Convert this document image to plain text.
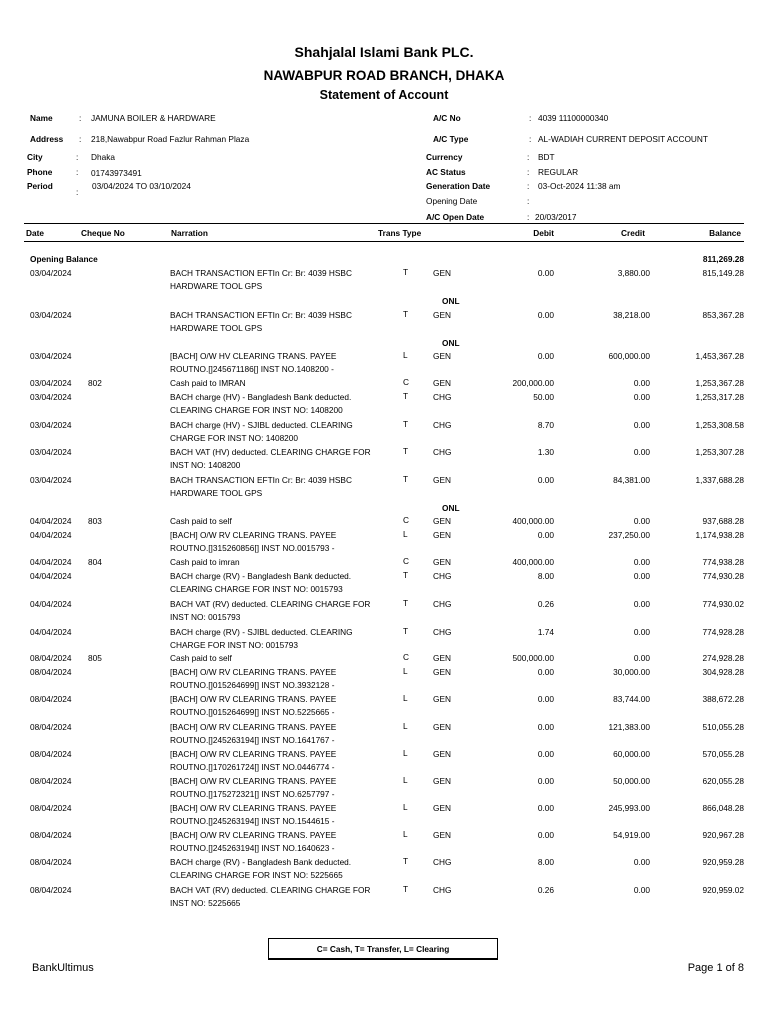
Shahjalal Islami Bank PLC.
NAWABPUR ROAD BRANCH, DHAKA
Statement of Account
Name	: JAMUNA BOILER & HARDWARE
Address : 218,Nawabpur Road Fazlur Rahman Plaza
City	: Dhaka
Phone	: 01743973491
Period	03/04/2024 TO 03/10/2024
:
A/C No	: 4039 11100000340
A/C Type	: AL-WADIAH CURRENT DEPOSIT ACCOUNT
Currency	: BDT
AC Status	: REGULAR
Generation Date	: 03-Oct-2024 11:38 am
Opening Date	:
A/C Open Date	: 20/03/2017
Date	Cheque No	Narration	Trans Type	Debit	Credit	Balance
Opening Balance	811,269.28
03/04/2024	BACH TRANSACTION EFTIn Cr: Br: 4039 HSBC	T	GEN	0.00	3,880.00	815,149.28
HARDWARE TOOL GPS
ONL
03/04/2024	BACH TRANSACTION EFTIn Cr: Br: 4039 HSBC	T	GEN	0.00	38,218.00	853,367.28
HARDWARE TOOL GPS
ONL
03/04/2024	[BACH] O/W HV CLEARING TRANS. PAYEE	L	GEN	0.00	600,000.00	1,453,367.28
ROUTNO.[]245671186[] INST NO.1408200 -
03/04/2024 802	Cash paid to IMRAN	C	GEN	200,000.00	0.00	1,253,367.28
03/04/2024	BACH charge (HV) - Bangladesh Bank deducted.	T	CHG	50.00	0.00	1,253,317.28
CLEARING CHARGE FOR INST NO: 1408200
03/04/2024	BACH charge (HV) - SJIBL deducted. CLEARING	T	CHG	8.70	0.00	1,253,308.58
CHARGE FOR INST NO: 1408200
03/04/2024	BACH VAT (HV) deducted. CLEARING CHARGE FOR	T	CHG	1.30	0.00	1,253,307.28
INST NO: 1408200
03/04/2024	BACH TRANSACTION EFTIn Cr: Br: 4039 HSBC	T	GEN	0.00	84,381.00	1,337,688.28
HARDWARE TOOL GPS
ONL
04/04/2024 803	Cash paid to self	C	GEN	400,000.00	0.00	937,688.28
04/04/2024	[BACH] O/W RV CLEARING TRANS. PAYEE	L	GEN	0.00	237,250.00	1,174,938.28
ROUTNO.[]315260856[] INST NO.0015793 -
04/04/2024 804	Cash paid to imran	C	GEN	400,000.00	0.00	774,938.28
04/04/2024	BACH charge (RV) - Bangladesh Bank deducted.	T	CHG	8.00	0.00	774,930.28
CLEARING CHARGE FOR INST NO: 0015793
04/04/2024	BACH VAT (RV) deducted. CLEARING CHARGE FOR	T	CHG	0.26	0.00	774,930.02
INST NO: 0015793
04/04/2024	BACH charge (RV) - SJIBL deducted. CLEARING	T	CHG	1.74	0.00	774,928.28
CHARGE FOR INST NO: 0015793
08/04/2024 805	Cash paid to self	C	GEN	500,000.00	0.00	274,928.28
08/04/2024	[BACH] O/W RV CLEARING TRANS. PAYEE	L	GEN	0.00	30,000.00	304,928.28
ROUTNO.[]015264699[] INST NO.3932128 -
08/04/2024	[BACH] O/W RV CLEARING TRANS. PAYEE	L	GEN	0.00	83,744.00	388,672.28
ROUTNO.[]015264699[] INST NO.5225665 -
08/04/2024	[BACH] O/W RV CLEARING TRANS. PAYEE	L	GEN	0.00	121,383.00	510,055.28
ROUTNO.[]245263194[] INST NO.1641767 -
08/04/2024	[BACH] O/W RV CLEARING TRANS. PAYEE	L	GEN	0.00	60,000.00	570,055.28
ROUTNO.[]170261724[] INST NO.0446774 -
08/04/2024	[BACH] O/W RV CLEARING TRANS. PAYEE	L	GEN	0.00	50,000.00	620,055.28
ROUTNO.[]175272321[] INST NO.6257797 -
08/04/2024	[BACH] O/W RV CLEARING TRANS. PAYEE	L	GEN	0.00	245,993.00	866,048.28
ROUTNO.[]245263194[] INST NO.1544615 -
08/04/2024	[BACH] O/W RV CLEARING TRANS. PAYEE	L	GEN	0.00	54,919.00	920,967.28
ROUTNO.[]245263194[] INST NO.1640623 -
08/04/2024	BACH charge (RV) - Bangladesh Bank deducted.	T	CHG	8.00	0.00	920,959.28
CLEARING CHARGE FOR INST NO: 5225665
08/04/2024	BACH VAT (RV) deducted. CLEARING CHARGE FOR	T	CHG	0.26	0.00	920,959.02
INST NO: 5225665
C= Cash, T= Transfer, L= Clearing
BankUltimus	Page 1 of 8
